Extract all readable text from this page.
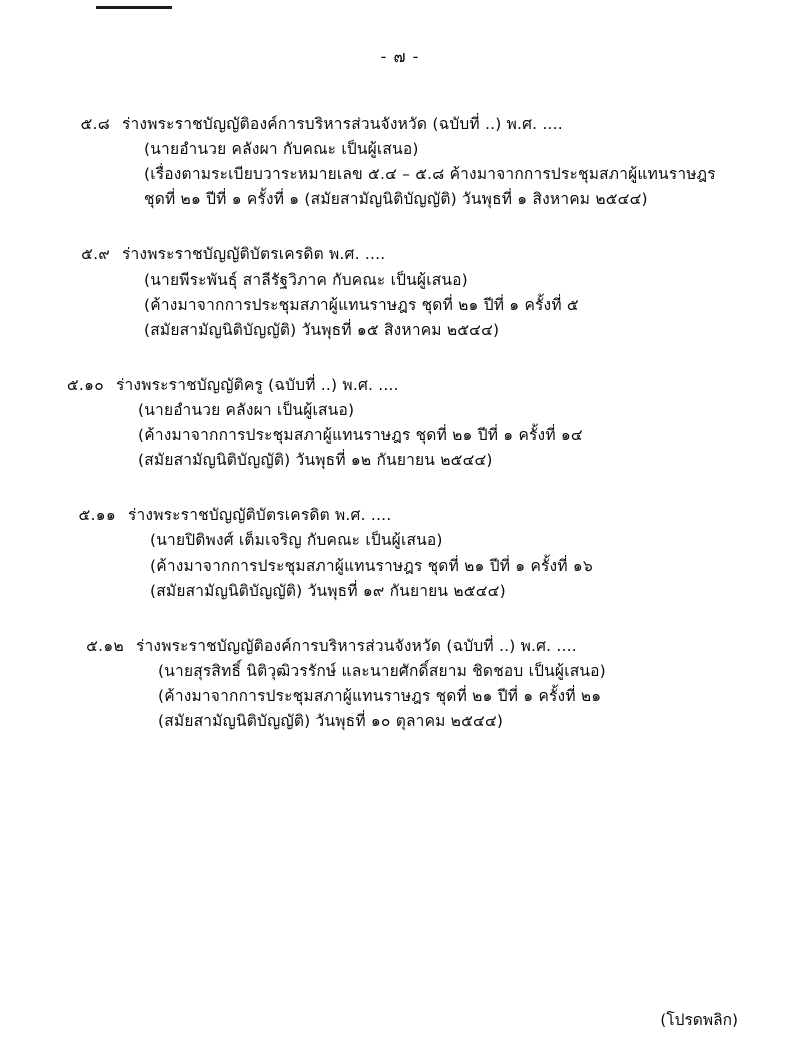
- ๗ -
๕.๘ ร่างพระราชบัญญัติองค์การบริหารส่วนจังหวัด (ฉบับที่ ..) พ.ศ. ....
(นายอำนวย คลังผา กับคณะ เป็นผู้เสนอ)
(เรื่องตามระเบียบวาระหมายเลข ๕.๔ – ๕.๘ ค้างมาจากการประชุมสภาผู้แทนราษฎร
ชุดที่ ๒๑ ปีที่ ๑ ครั้งที่ ๑ (สมัยสามัญนิติบัญญัติ) วันพุธที่ ๑ สิงหาคม ๒๕๔๔)
๕.๙ ร่างพระราชบัญญัติบัตรเครดิต พ.ศ. ....
(นายพีระพันธุ์ สาลีรัฐวิภาค กับคณะ เป็นผู้เสนอ)
(ค้างมาจากการประชุมสภาผู้แทนราษฎร ชุดที่ ๒๑ ปีที่ ๑ ครั้งที่ ๕
(สมัยสามัญนิติบัญญัติ) วันพุธที่ ๑๕ สิงหาคม ๒๕๔๔)
๕.๑๐ ร่างพระราชบัญญัติครู (ฉบับที่ ..) พ.ศ. ....
(นายอำนวย คลังผา เป็นผู้เสนอ)
(ค้างมาจากการประชุมสภาผู้แทนราษฎร ชุดที่ ๒๑ ปีที่ ๑ ครั้งที่ ๑๔
(สมัยสามัญนิติบัญญัติ) วันพุธที่ ๑๒ กันยายน ๒๕๔๔)
๕.๑๑ ร่างพระราชบัญญัติบัตรเครดิต พ.ศ. ....
(นายปิติพงศ์ เต็มเจริญ กับคณะ เป็นผู้เสนอ)
(ค้างมาจากการประชุมสภาผู้แทนราษฎร ชุดที่ ๒๑ ปีที่ ๑ ครั้งที่ ๑๖
(สมัยสามัญนิติบัญญัติ) วันพุธที่ ๑๙ กันยายน ๒๕๔๔)
๕.๑๒ ร่างพระราชบัญญัติองค์การบริหารส่วนจังหวัด (ฉบับที่ ..) พ.ศ. ....
(นายสุรสิทธิ์ นิติวุฒิวรรักษ์ และนายศักดิ์สยาม ชิดชอบ เป็นผู้เสนอ)
(ค้างมาจากการประชุมสภาผู้แทนราษฎร ชุดที่ ๒๑ ปีที่ ๑ ครั้งที่ ๒๑
(สมัยสามัญนิติบัญญัติ) วันพุธที่ ๑๐ ตุลาคม ๒๕๔๔)
(โปรดพลิก)
